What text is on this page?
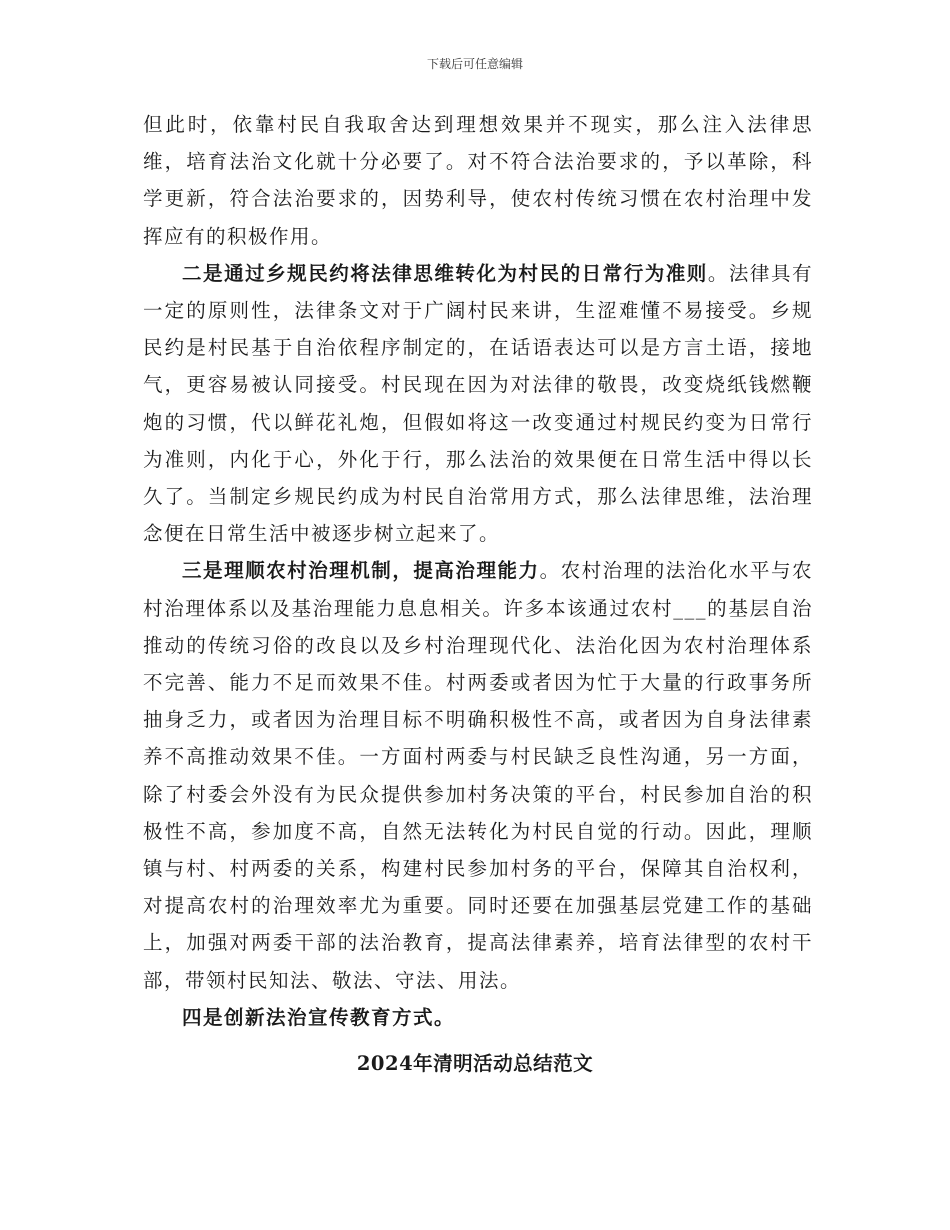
下载后可任意编辑

但此时，依靠村民自我取舍达到理想效果并不现实，那么注入法律思维，培育法治文化就十分必要了。对不符合法治要求的，予以革除，科学更新，符合法治要求的，因势利导，使农村传统习惯在农村治理中发挥应有的积极作用。

二是通过乡规民约将法律思维转化为村民的日常行为准则。法律具有一定的原则性，法律条文对于广阔村民来讲，生涩难懂不易接受。乡规民约是村民基于自治依程序制定的，在话语表达可以是方言土语，接地气，更容易被认同接受。村民现在因为对法律的敬畏，改变烧纸钱燃鞭炮的习惯，代以鲜花礼炮，但假如将这一改变通过村规民约变为日常行为准则，内化于心，外化于行，那么法治的效果便在日常生活中得以长久了。当制定乡规民约成为村民自治常用方式，那么法律思维，法治理念便在日常生活中被逐步树立起来了。

三是理顺农村治理机制，提高治理能力。农村治理的法治化水平与农村治理体系以及基治理能力息息相关。许多本该通过农村___的基层自治推动的传统习俗的改良以及乡村治理现代化、法治化因为农村治理体系不完善、能力不足而效果不佳。村两委或者因为忙于大量的行政事务所抽身乏力，或者因为治理目标不明确积极性不高，或者因为自身法律素养不高推动效果不佳。一方面村两委与村民缺乏良性沟通，另一方面，除了村委会外没有为民众提供参加村务决策的平台，村民参加自治的积极性不高，参加度不高，自然无法转化为村民自觉的行动。因此，理顺镇与村、村两委的关系，构建村民参加村务的平台，保障其自治权利，对提高农村的治理效率尤为重要。同时还要在加强基层党建工作的基础上，加强对两委干部的法治教育，提高法律素养，培育法律型的农村干部，带领村民知法、敬法、守法、用法。

四是创新法治宣传教育方式。

2024年清明活动总结范文
